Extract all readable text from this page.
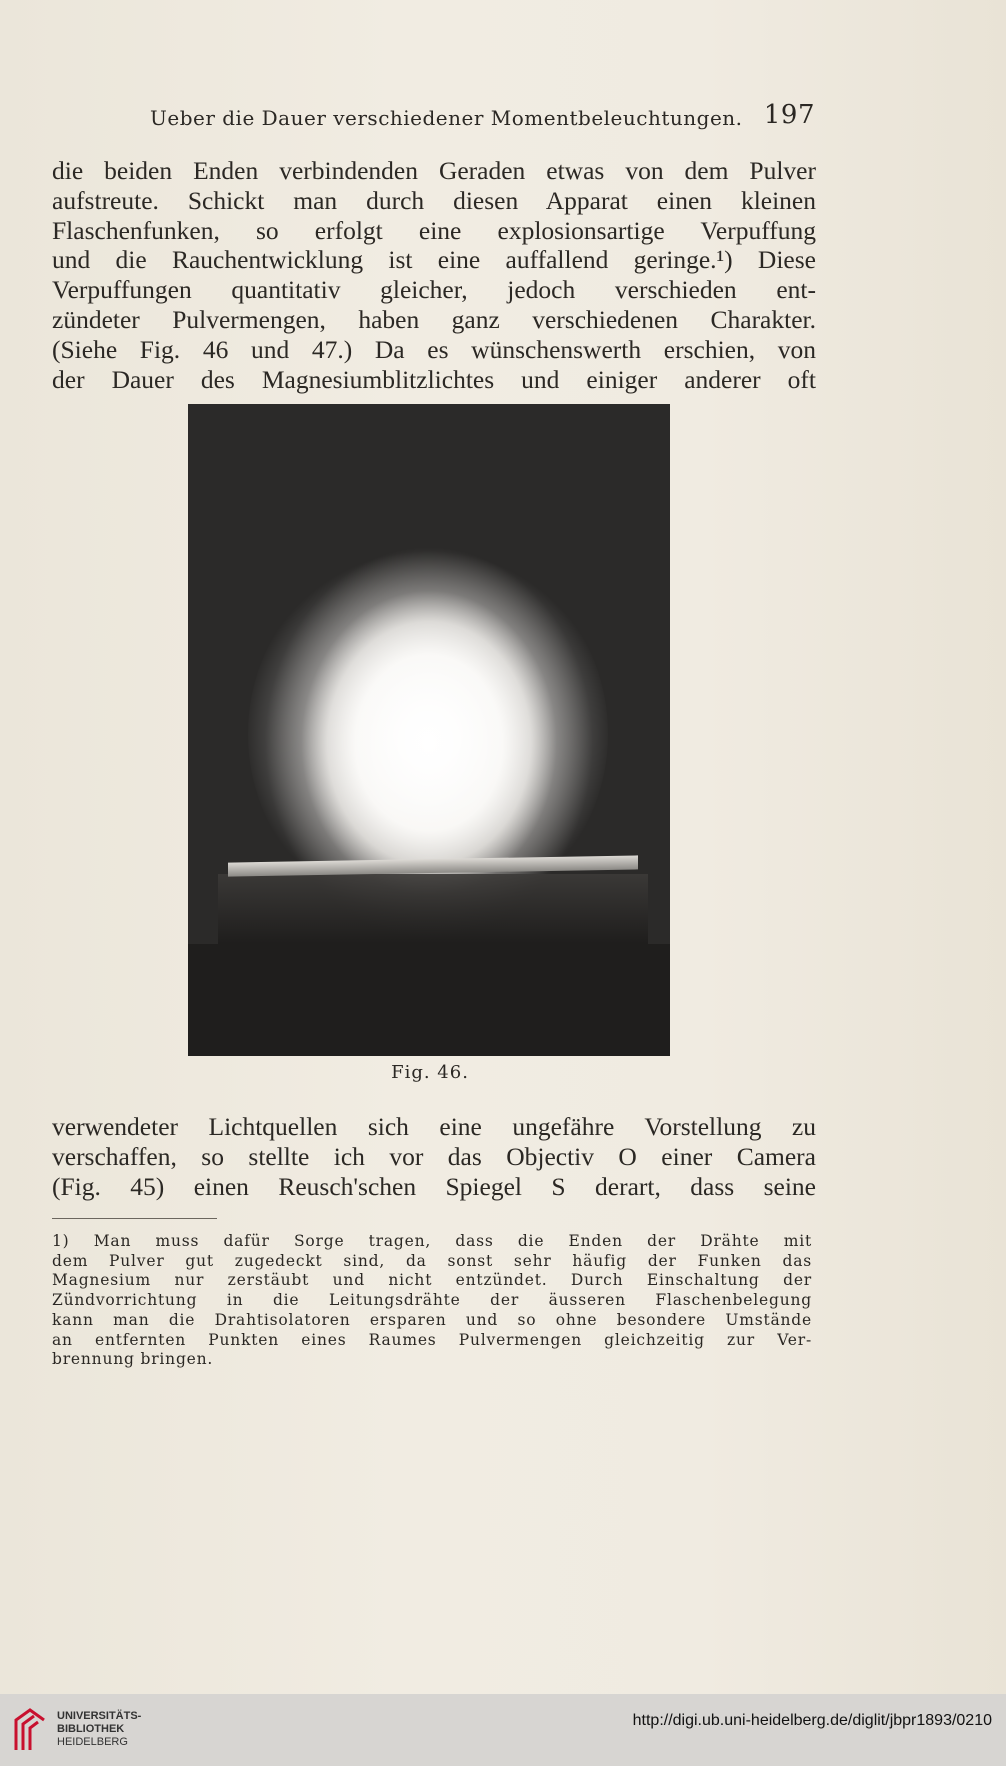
Ueber die Dauer verschiedener Momentbeleuchtungen. 197
die beiden Enden verbindenden Geraden etwas von dem Pulver
aufstreute. Schickt man durch diesen Apparat einen kleinen
Flaschenfunken, so erfolgt eine explosionsartige Verpuffung
und die Rauchentwicklung ist eine auffallend geringe.¹) Diese
Verpuffungen quantitativ gleicher, jedoch verschieden ent-
zündeter Pulvermengen, haben ganz verschiedenen Charakter.
(Siehe Fig. 46 und 47.) Da es wünschenswerth erschien, von
der Dauer des Magnesiumblitzlichtes und einiger anderer oft
Fig. 46.
verwendeter Lichtquellen sich eine ungefähre Vorstellung zu
verschaffen, so stellte ich vor das Objectiv O einer Camera
(Fig. 45) einen Reusch'schen Spiegel S derart, dass seine
1) Man muss dafür Sorge tragen, dass die Enden der Drähte mit
dem Pulver gut zugedeckt sind, da sonst sehr häufig der Funken das
Magnesium nur zerstäubt und nicht entzündet. Durch Einschaltung der
Zündvorrichtung in die Leitungsdrähte der äusseren Flaschenbelegung
kann man die Drahtisolatoren ersparen und so ohne besondere Umstände
an entfernten Punkten eines Raumes Pulvermengen gleichzeitig zur Ver-
brennung bringen.
UNIVERSITÄTS-
BIBLIOTHEK
HEIDELBERG
http://digi.ub.uni-heidelberg.de/diglit/jbpr1893/0210
